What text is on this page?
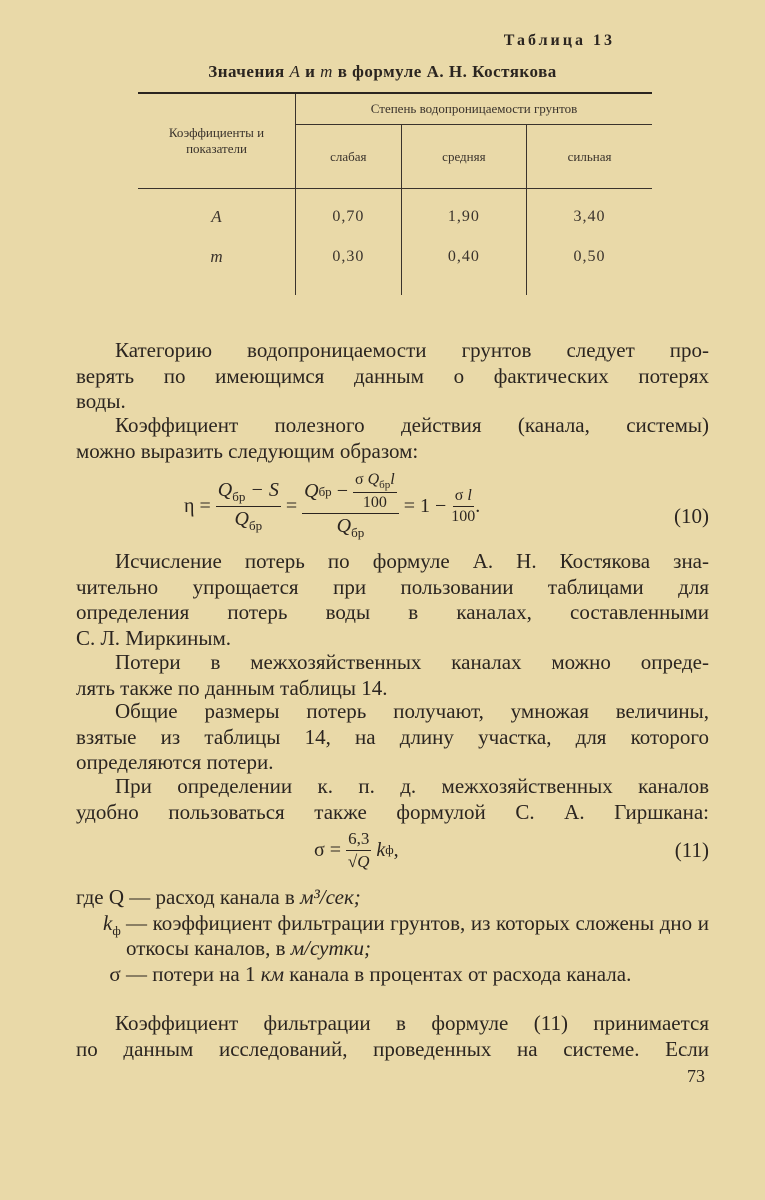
Таблица 13
Значения A и m в формуле А. Н. Костякова
Коэффициенты и показатели	Степень водопроницаемости грунтов		
	слабая	средняя	сильная

A	0,70	1,90	3,40
m	0,30	0,40	0,50

Категорию водопроницаемости грунтов следует про-
верять по имеющимся данным о фактических потерях
воды.
Коэффициент полезного действия (канала, системы)
можно выразить следующим образом:
η =
$\frac{Q_{бр} - S}{Q_{бр}}$
=
Q бр
−
$\frac{\sigma Q_{бр}l}{100}$
$Q_{бр}$
= 1 −
$\frac{\text{σ l}}{100}$ .	(10)
Исчисление потерь по формуле А. Н. Костякова зна-
чительно упрощается при пользовании таблицами для
определения потерь воды в каналах, составленными
С. Л. Миркиным.
Потери в межхозяйственных каналах можно опреде-
лять также по данным таблицы 14.
Общие размеры потерь получают, умножая величины,
взятые из таблицы 14, на длину участка, для которого
определяются потери.
При определении к. п. д. межхозяйственных каналов
удобно пользоваться также формулой С. А. Гиршкана:
σ =
$\frac{6,3}{√Q}$
k ф ,	(11)
где Q — расход канала в м³/сек;
$k_ф$ — коэффициент фильтрации грунтов, из которых сложены дно и откосы каналов, в м/сутки;
σ — потери на 1 км канала в процентах от расхода канала.
Коэффициент фильтрации в формуле (11) принимается
по данным исследований, проведенных на системе. Если
73
